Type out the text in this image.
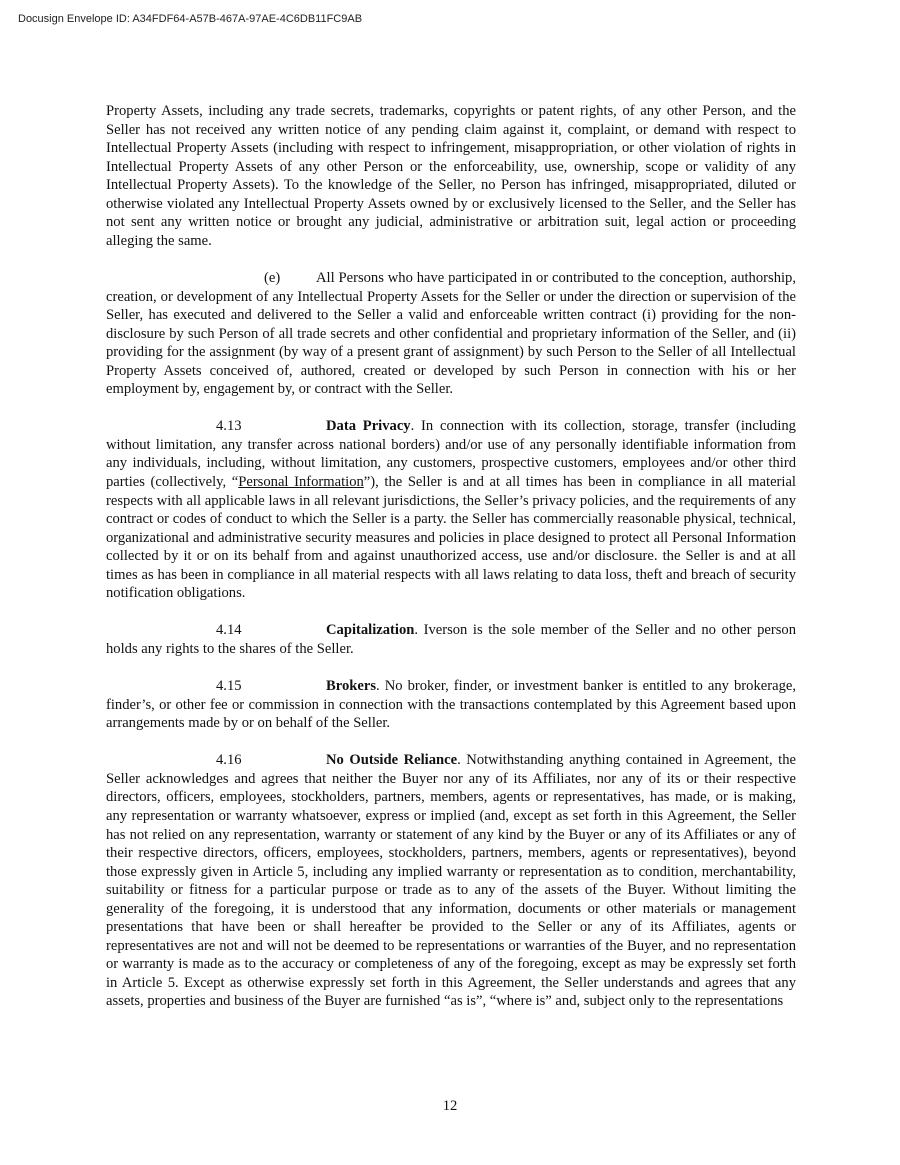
Docusign Envelope ID: A34FDF64-A57B-467A-97AE-4C6DB11FC9AB

Property Assets, including any trade secrets, trademarks, copyrights or patent rights, of any other Person, and the Seller has not received any written notice of any pending claim against it, complaint, or demand with respect to Intellectual Property Assets (including with respect to infringement, misappropriation, or other violation of rights in Intellectual Property Assets of any other Person or the enforceability, use, ownership, scope or validity of any Intellectual Property Assets). To the knowledge of the Seller, no Person has infringed, misappropriated, diluted or otherwise violated any Intellectual Property Assets owned by or exclusively licensed to the Seller, and the Seller has not sent any written notice or brought any judicial, administrative or arbitration suit, legal action or proceeding alleging the same.

(e) All Persons who have participated in or contributed to the conception, authorship, creation, or development of any Intellectual Property Assets for the Seller or under the direction or supervision of the Seller, has executed and delivered to the Seller a valid and enforceable written contract (i) providing for the non-disclosure by such Person of all trade secrets and other confidential and proprietary information of the Seller, and (ii) providing for the assignment (by way of a present grant of assignment) by such Person to the Seller of all Intellectual Property Assets conceived of, authored, created or developed by such Person in connection with his or her employment by, engagement by, or contract with the Seller.

4.13	Data Privacy. In connection with its collection, storage, transfer (including without limitation, any transfer across national borders) and/or use of any personally identifiable information from any individuals, including, without limitation, any customers, prospective customers, employees and/or other third parties (collectively, “Personal Information”), the Seller is and at all times has been in compliance in all material respects with all applicable laws in all relevant jurisdictions, the Seller’s privacy policies, and the requirements of any contract or codes of conduct to which the Seller is a party. the Seller has commercially reasonable physical, technical, organizational and administrative security measures and policies in place designed to protect all Personal Information collected by it or on its behalf from and against unauthorized access, use and/or disclosure. the Seller is and at all times as has been in compliance in all material respects with all laws relating to data loss, theft and breach of security notification obligations.

4.14	Capitalization. Iverson is the sole member of the Seller and no other person holds any rights to the shares of the Seller.

4.15	Brokers. No broker, finder, or investment banker is entitled to any brokerage, finder’s, or other fee or commission in connection with the transactions contemplated by this Agreement based upon arrangements made by or on behalf of the Seller.

4.16	No Outside Reliance. Notwithstanding anything contained in Agreement, the Seller acknowledges and agrees that neither the Buyer nor any of its Affiliates, nor any of its or their respective directors, officers, employees, stockholders, partners, members, agents or representatives, has made, or is making, any representation or warranty whatsoever, express or implied (and, except as set forth in this Agreement, the Seller has not relied on any representation, warranty or statement of any kind by the Buyer or any of its Affiliates or any of their respective directors, officers, employees, stockholders, partners, members, agents or representatives), beyond those expressly given in Article 5, including any implied warranty or representation as to condition, merchantability, suitability or fitness for a particular purpose or trade as to any of the assets of the Buyer. Without limiting the generality of the foregoing, it is understood that any information, documents or other materials or management presentations that have been or shall hereafter be provided to the Seller or any of its Affiliates, agents or representatives are not and will not be deemed to be representations or warranties of the Buyer, and no representation or warranty is made as to the accuracy or completeness of any of the foregoing, except as may be expressly set forth in Article 5. Except as otherwise expressly set forth in this Agreement, the Seller understands and agrees that any assets, properties and business of the Buyer are furnished “as is”, “where is” and, subject only to the representations

12
